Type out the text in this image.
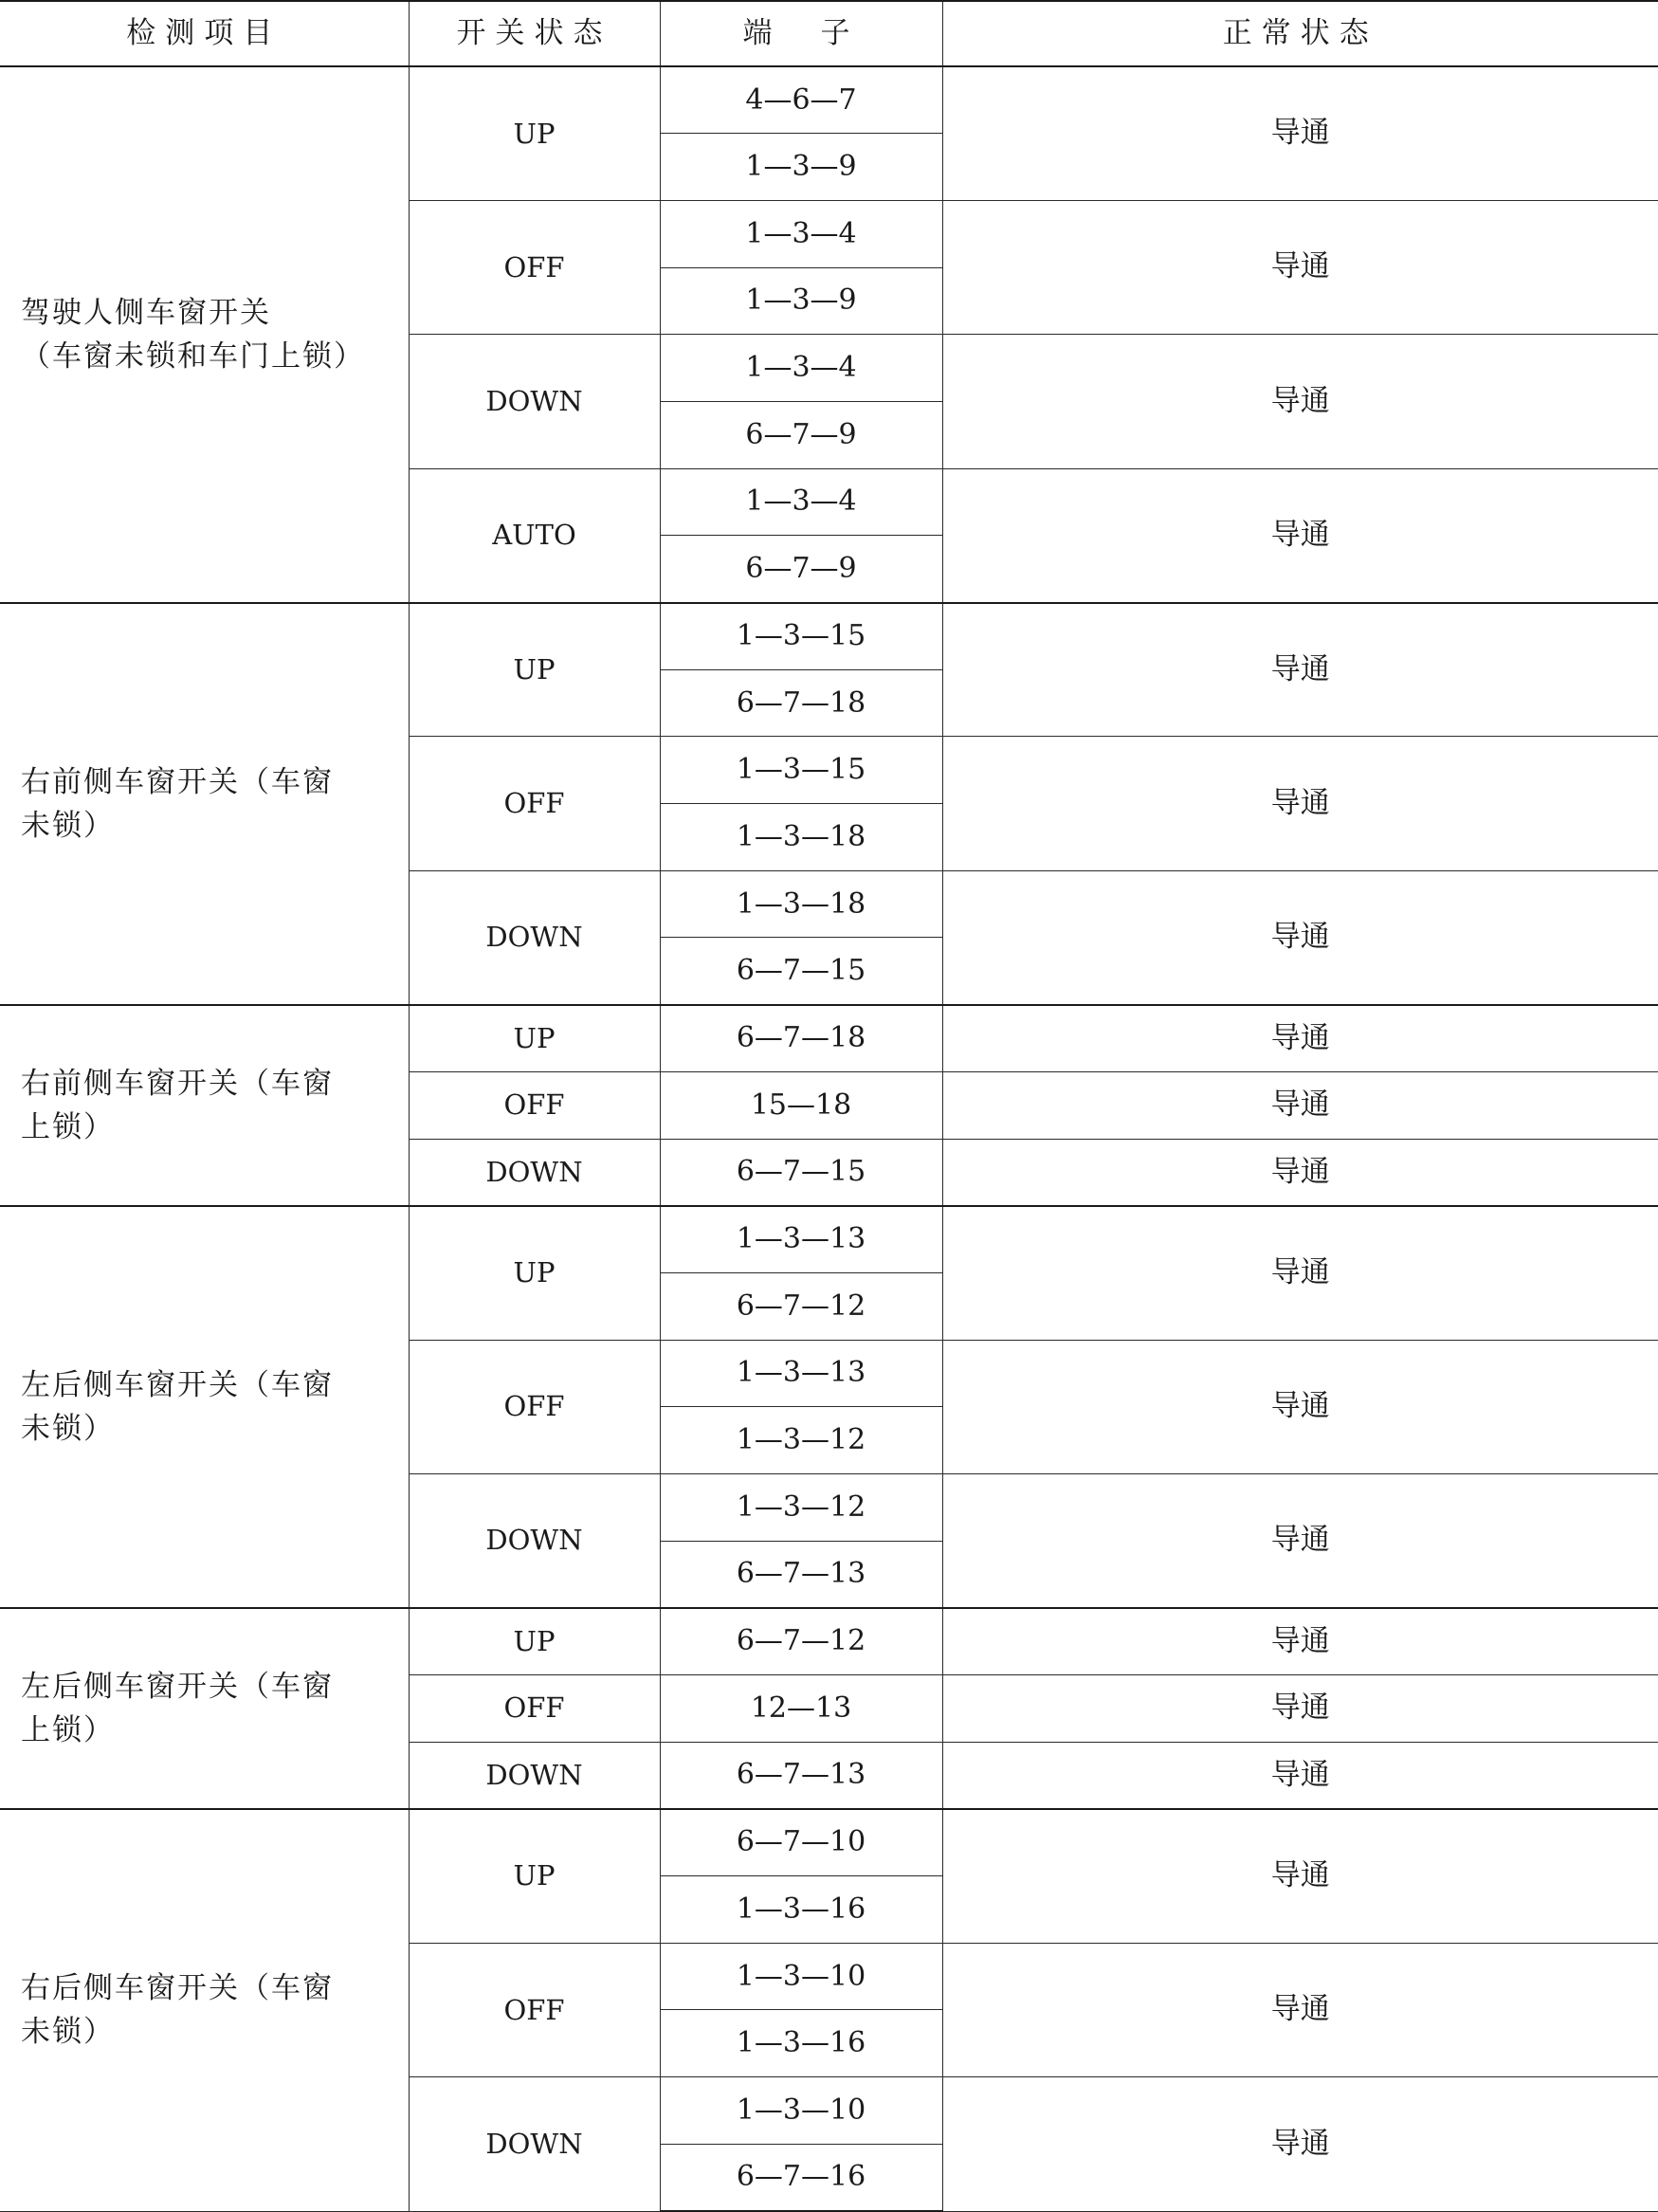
检测项目	开关状态	端　子	正常状态

驾驶人侧车窗开关
（车窗未锁和车门上锁）	UP	4—6—7	导通
		1—3—9	
	OFF	1—3—4	导通
		1—3—9	
	DOWN	1—3—4	导通
		6—7—9	
	AUTO	1—3—4	导通
		6—7—9	

右前侧车窗开关（车窗
未锁）	UP	1—3—15	导通
		6—7—18	
	OFF	1—3—15	导通
		1—3—18	
	DOWN	1—3—18	导通
		6—7—15	

右前侧车窗开关（车窗
上锁）	UP	6—7—18	导通
	OFF	15—18	导通
	DOWN	6—7—15	导通

左后侧车窗开关（车窗
未锁）	UP	1—3—13	导通
		6—7—12	
	OFF	1—3—13	导通
		1—3—12	
	DOWN	1—3—12	导通
		6—7—13	

左后侧车窗开关（车窗
上锁）	UP	6—7—12	导通
	OFF	12—13	导通
	DOWN	6—7—13	导通

右后侧车窗开关（车窗
未锁）	UP	6—7—10	导通
		1—3—16	
	OFF	1—3—10	导通
		1—3—16	
	DOWN	1—3—10	导通
		6—7—16	
